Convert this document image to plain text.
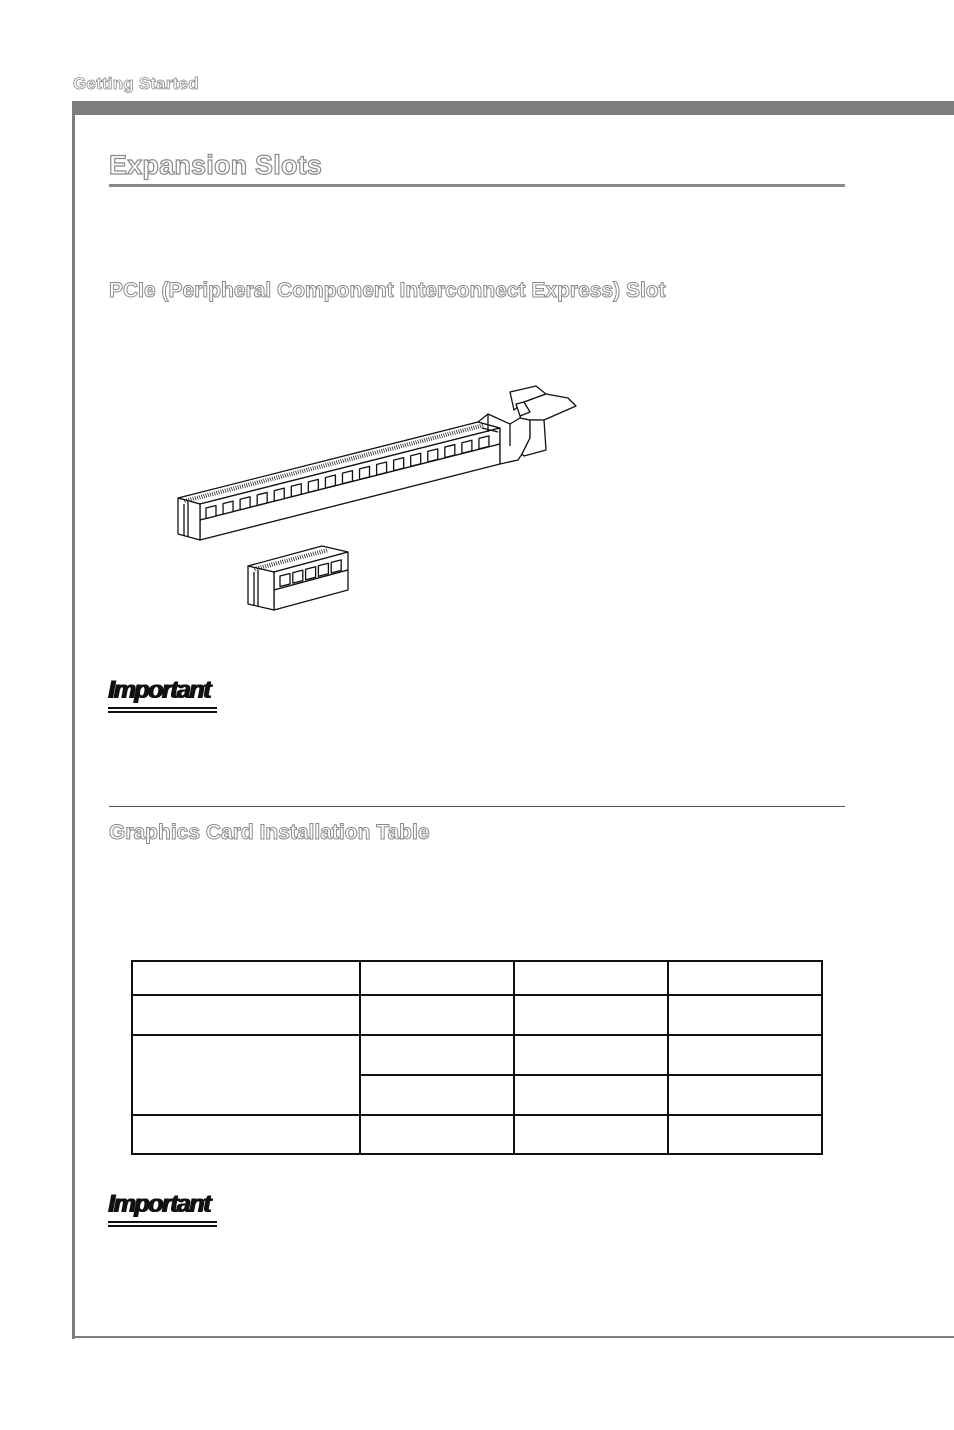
Getting Started
Expansion Slots
PCIe (Peripheral Component Interconnect Express) Slot
Important
Graphics Card Installation Table
Important
